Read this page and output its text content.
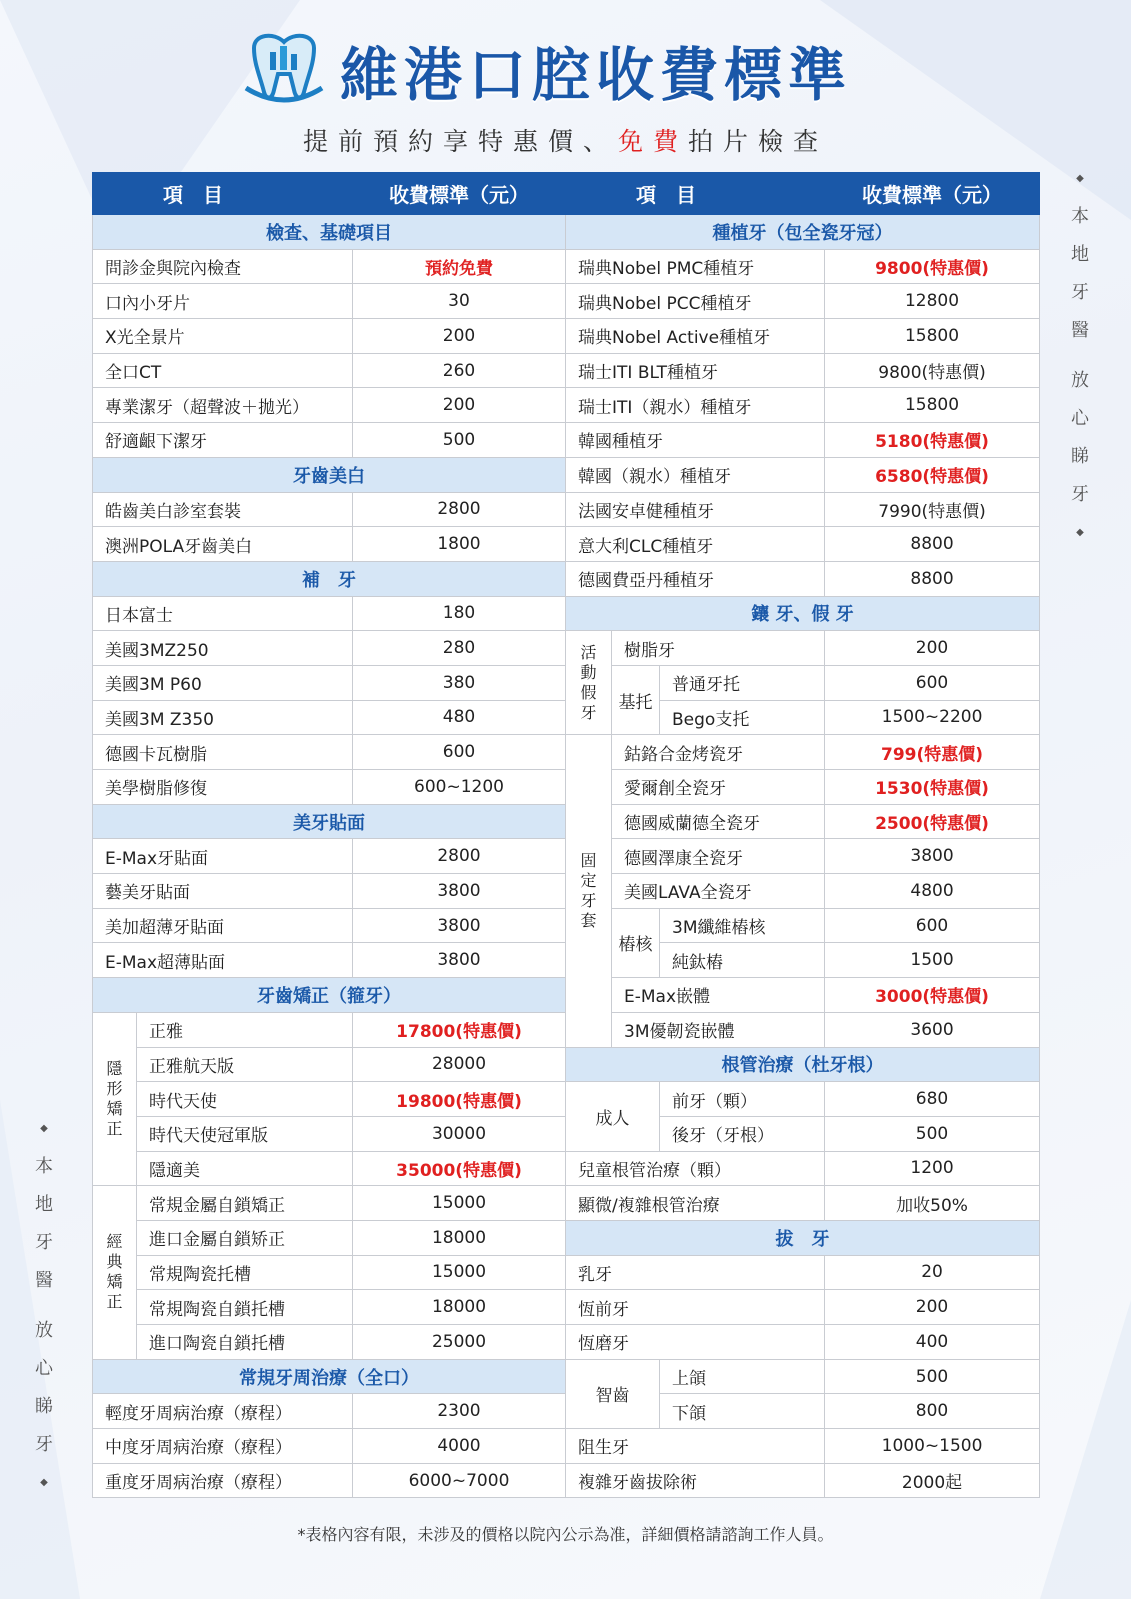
維港口腔收費標準
提前預約享特惠價、免費拍片檢查
◆
本
地
牙
醫
放
心
睇
牙
◆
◆
本
地
牙
醫
放
心
睇
牙
◆
項　目		收費標準（元）
檢查、基礎項目		
問診金與院內檢查		預約免費
口內小牙片		30
X光全景片		200
全口CT		260
專業潔牙（超聲波＋拋光）		200
舒適齦下潔牙		500
牙齒美白		
皓齒美白診室套裝		2800
澳洲POLA牙齒美白		1800
補　牙		
日本富士		180
美國3MZ250		280
美國3M P60		380
美國3M Z350		480
德國卡瓦樹脂		600
美學樹脂修復		600~1200
美牙貼面		
E-Max牙貼面		2800
藝美牙貼面		3800
美加超薄牙貼面		3800
E-Max超薄貼面		3800
牙齒矯正（箍牙）		
隱
形
矯
正	正雅	17800(特惠價)
	正雅航天版	28000
	時代天使	19800(特惠價)
	時代天使冠軍版	30000
	隱適美	35000(特惠價)
經
典
矯
正	常規金屬自鎖矯正	15000
	進口金屬自鎖矫正	18000
	常規陶瓷托槽	15000
	常規陶瓷自鎖托槽	18000
	進口陶瓷自鎖托槽	25000
常規牙周治療（全口）		
輕度牙周病治療（療程）		2300
中度牙周病治療（療程）		4000
重度牙周病治療（療程）		6000~7000
項　目			收費標準（元）
種植牙（包全瓷牙冠）			
瑞典Nobel PMC種植牙			9800(特惠價)
瑞典Nobel PCC種植牙			12800
瑞典Nobel Active種植牙			15800
瑞士ITI BLT種植牙			9800(特惠價)
瑞士ITI（親水）種植牙			15800
韓國種植牙			5180(特惠價)
韓國（親水）種植牙			6580(特惠價)
法國安卓健種植牙			7990(特惠價)
意大利CLC種植牙			8800
德國費亞丹種植牙			8800
鑲 牙、假 牙			
活
動
假
牙	樹脂牙		200
	基托	普通牙托	600
		Bego支托	1500~2200
固
定
牙
套	鈷鉻合金烤瓷牙		799(特惠價)
	愛爾創全瓷牙		1530(特惠價)
	德國威蘭德全瓷牙		2500(特惠價)
	德國澤康全瓷牙		3800
	美國LAVA全瓷牙		4800
	樁核	3M纖維樁核	600
		純鈦樁	1500
	E-Max嵌體		3000(特惠價)
	3M優韌瓷嵌體		3600
根管治療（杜牙根）			
成人		前牙（顆）	680
		後牙（牙根）	500
兒童根管治療（顆）			1200
顯微/複雜根管治療			加收50%
拔　牙			
乳牙			20
恆前牙			200
恆磨牙			400
智齒		上頜	500
		下頜	800
阻生牙			1000~1500
複雜牙齒拔除術			2000起
*表格內容有限，未涉及的價格以院內公示為准，詳細價格請諮詢工作人員。
